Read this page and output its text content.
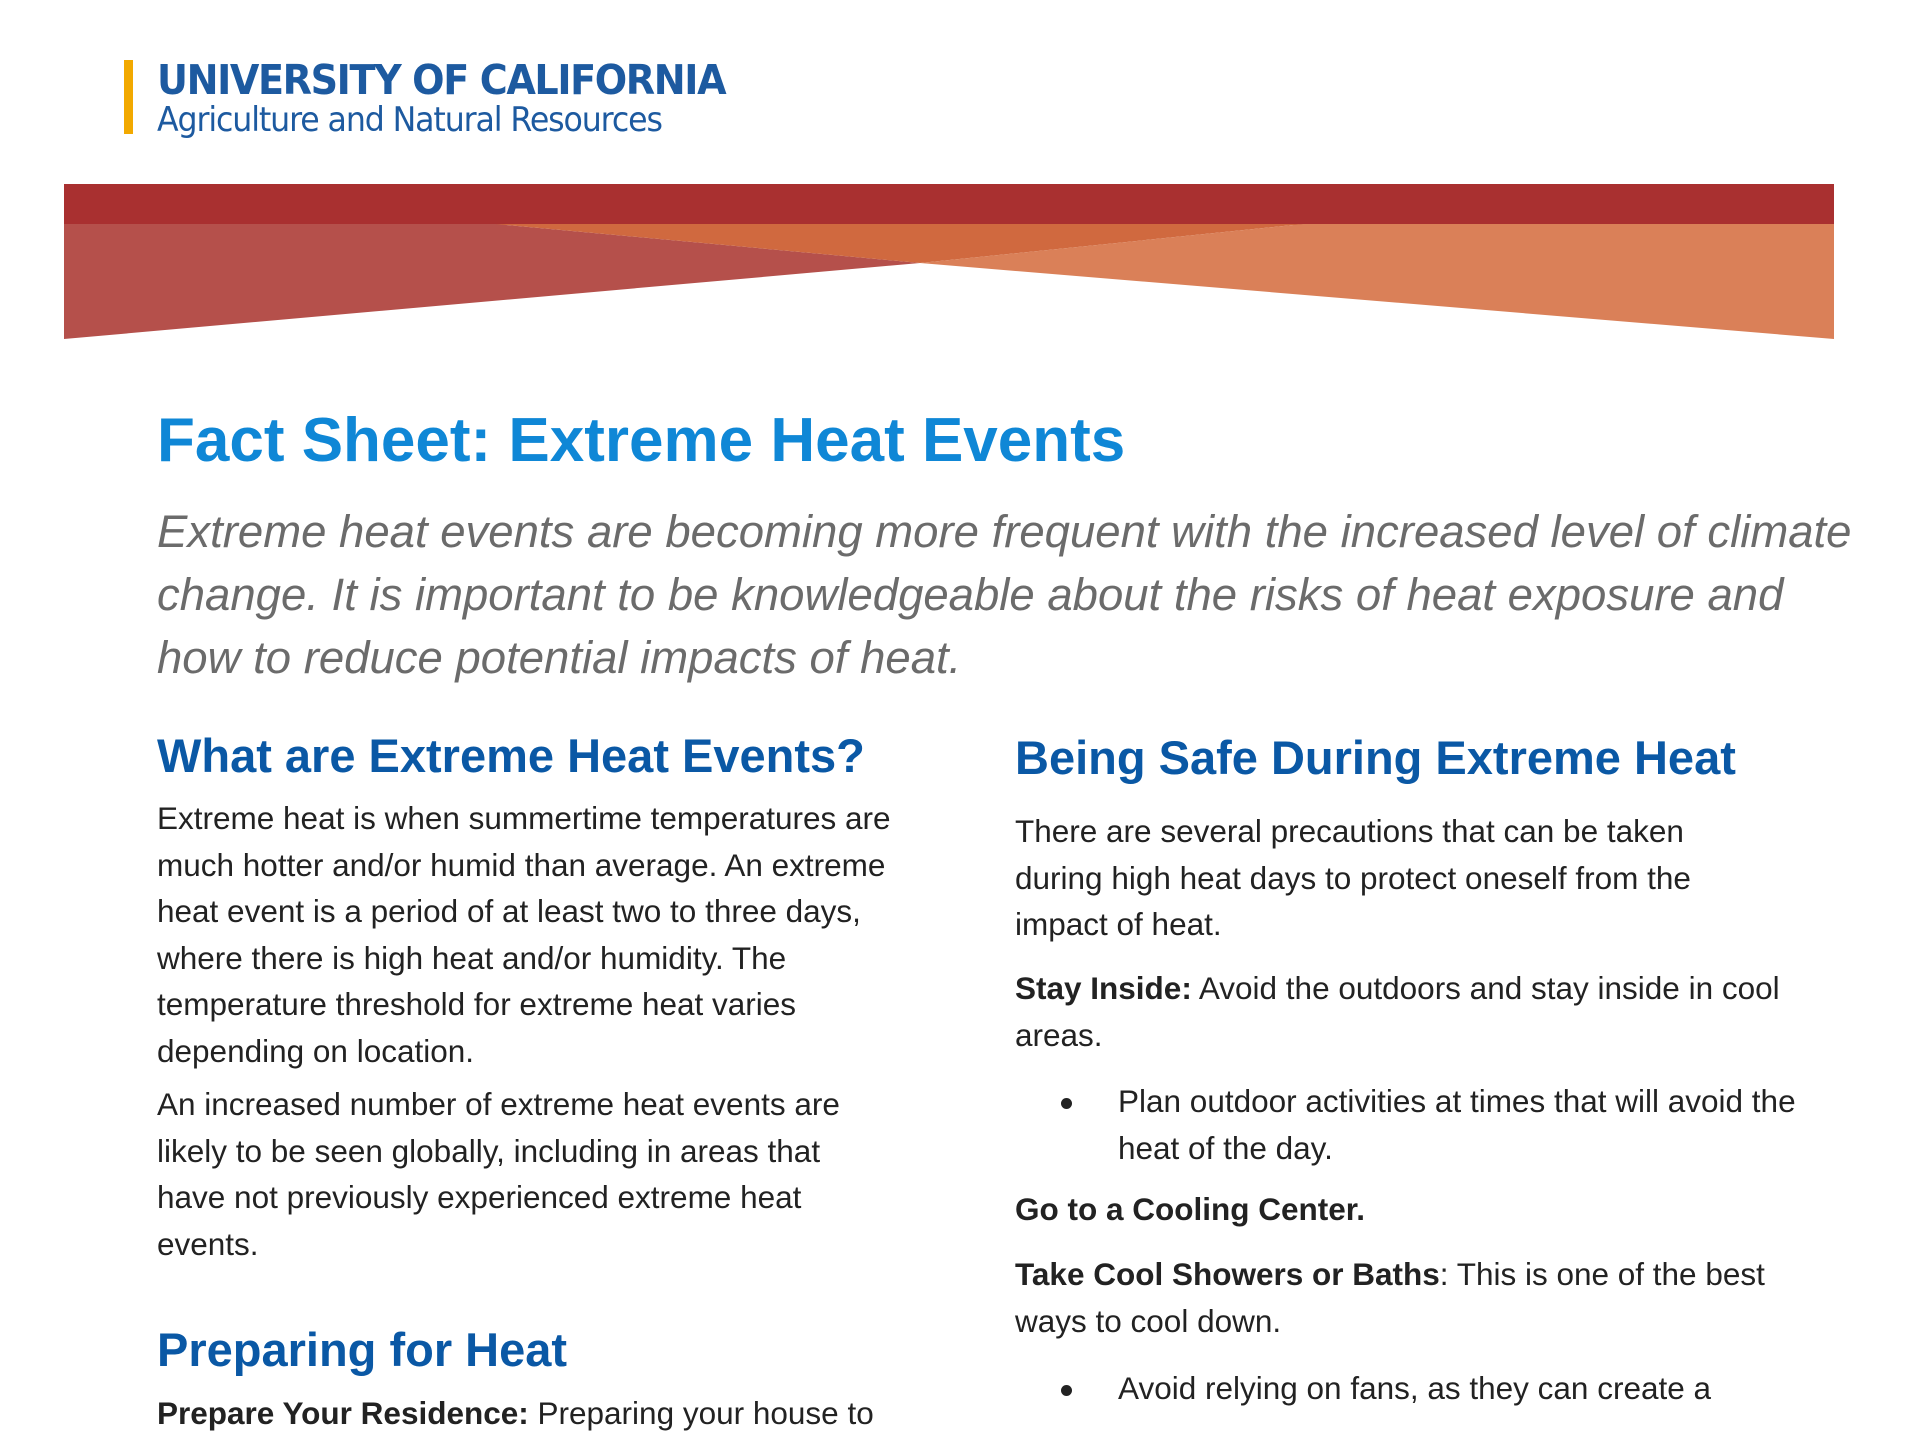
UNIVERSITY OF CALIFORNIA
Agriculture and Natural Resources
Fact Sheet: Extreme Heat Events

Extreme heat events are becoming more frequent with the increased level of climate change. It is important to be knowledgeable about the risks of heat exposure and how to reduce potential impacts of heat.

What are Extreme Heat Events?

Extreme heat is when summertime temperatures are much hotter and/or humid than average. An extreme heat event is a period of at least two to three days, where there is high heat and/or humidity. The temperature threshold for extreme heat varies depending on location.

An increased number of extreme heat events are likely to be seen globally, including in areas that have not previously experienced extreme heat events.

Preparing for Heat

Prepare Your Residence: Preparing your house to

Being Safe During Extreme Heat

There are several precautions that can be taken during high heat days to protect oneself from the impact of heat.

Stay Inside: Avoid the outdoors and stay inside in cool areas.

Plan outdoor activities at times that will avoid the heat of the day.

Go to a Cooling Center.

Take Cool Showers or Baths: This is one of the best ways to cool down.

Avoid relying on fans, as they can create a
